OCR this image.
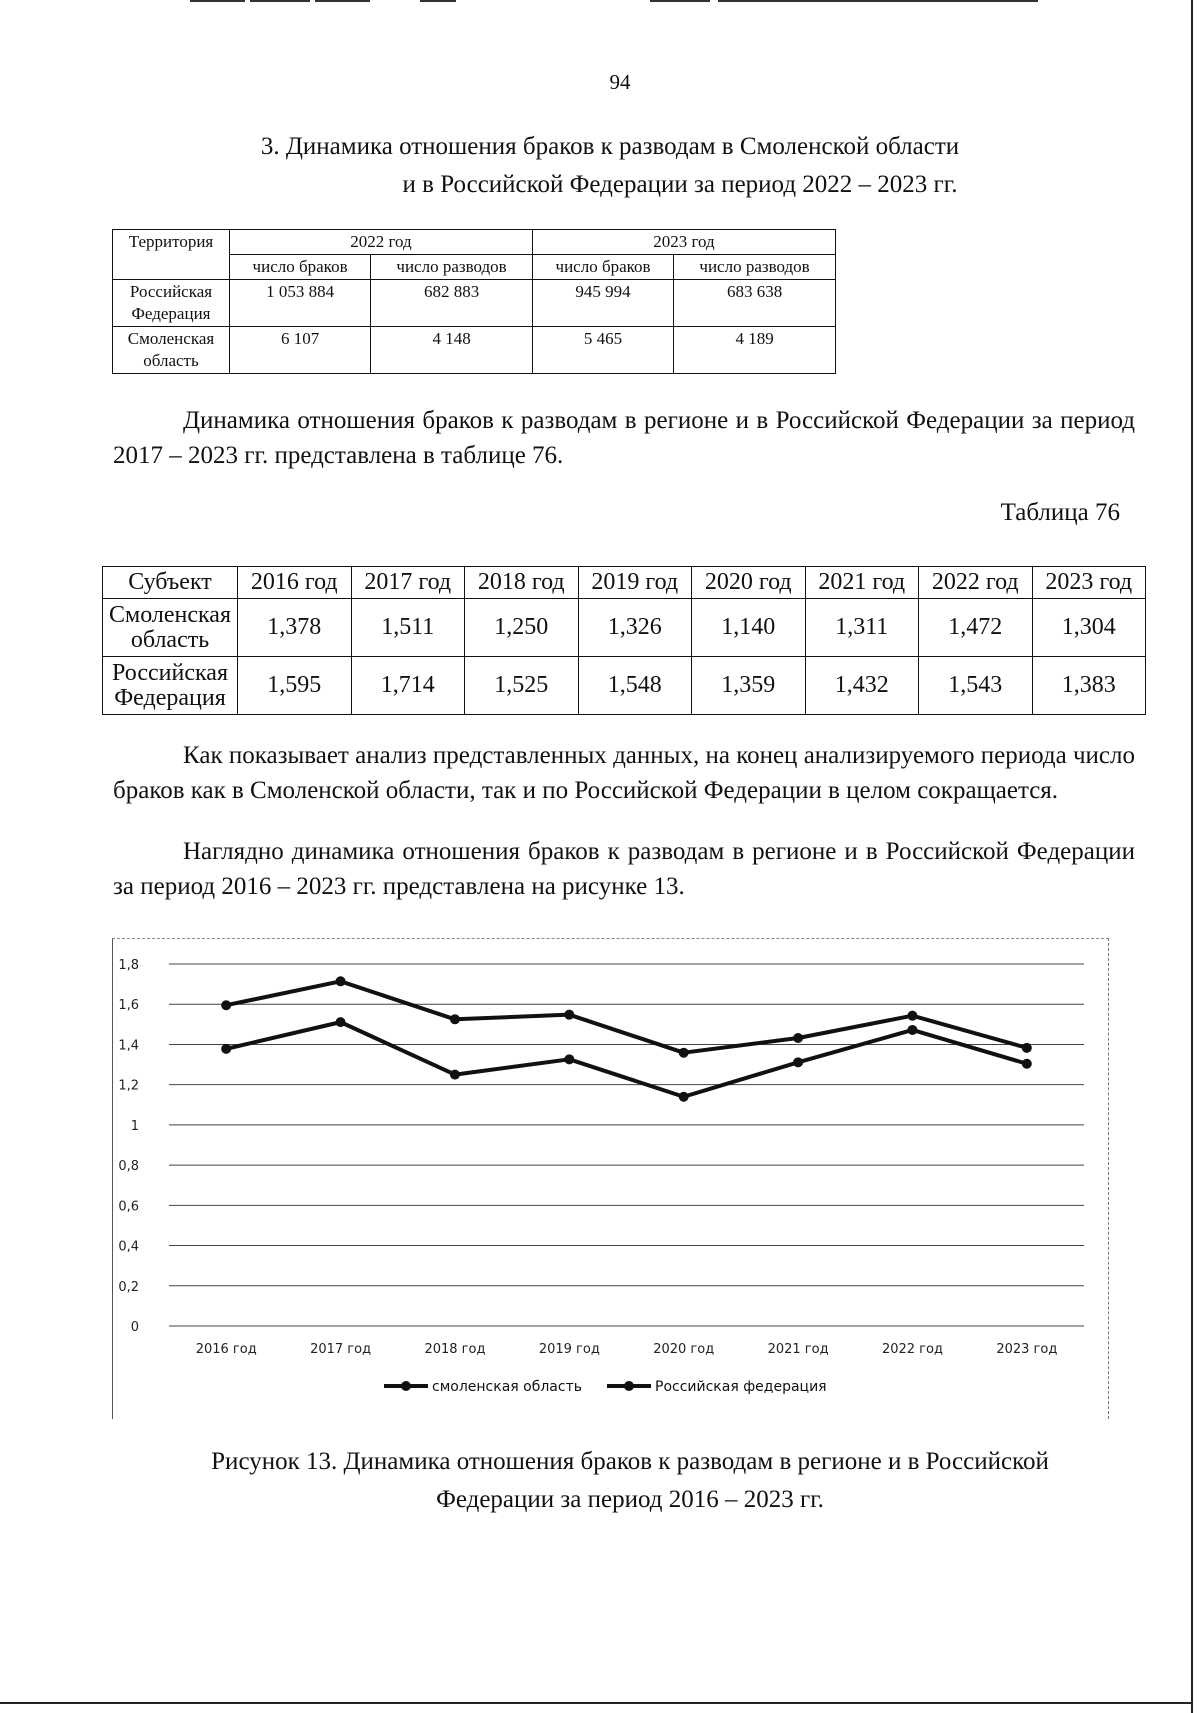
94
3. Динамика отношения браков к разводам в Смоленской области
и в Российской Федерации за период 2022 – 2023 гг.
Территория	2022 год		2023 год	
	число браков	число разводов	число браков	число разводов
Российская
Федерация	1 053 884	682 883	945 994	683 638
Смоленская
область	6 107	4 148	5 465	4 189

Динамика отношения браков к разводам в регионе и в Российской Федерации за период 2017 – 2023 гг. представлена в таблице 76.

Таблица 76
Субъект	2016 год	2017 год	2018 год	2019 год	2020 год	2021 год	2022 год	2023 год
Смоленская
область	1,378	1,511	1,250	1,326	1,140	1,311	1,472	1,304
Российская
Федерация	1,595	1,714	1,525	1,548	1,359	1,432	1,543	1,383

Как показывает анализ представленных данных, на конец анализируемого периода число браков как в Смоленской области, так и по Российской Федерации в целом сокращается.

Наглядно динамика отношения браков к разводам в регионе и в Российской Федерации за период 2016 – 2023 гг. представлена на рисунке 13.

0
0,2
0,4
0,6
0,8
1
1,2
1,4
1,6
1,8
2016 год	2017 год	2018 год	2019 год	2020 год	2021 год	2022 год	2023 год
смоленская область	Российская федерация
Рисунок 13. Динамика отношения браков к разводам в регионе и в Российской
Федерации за период 2016 – 2023 гг.
